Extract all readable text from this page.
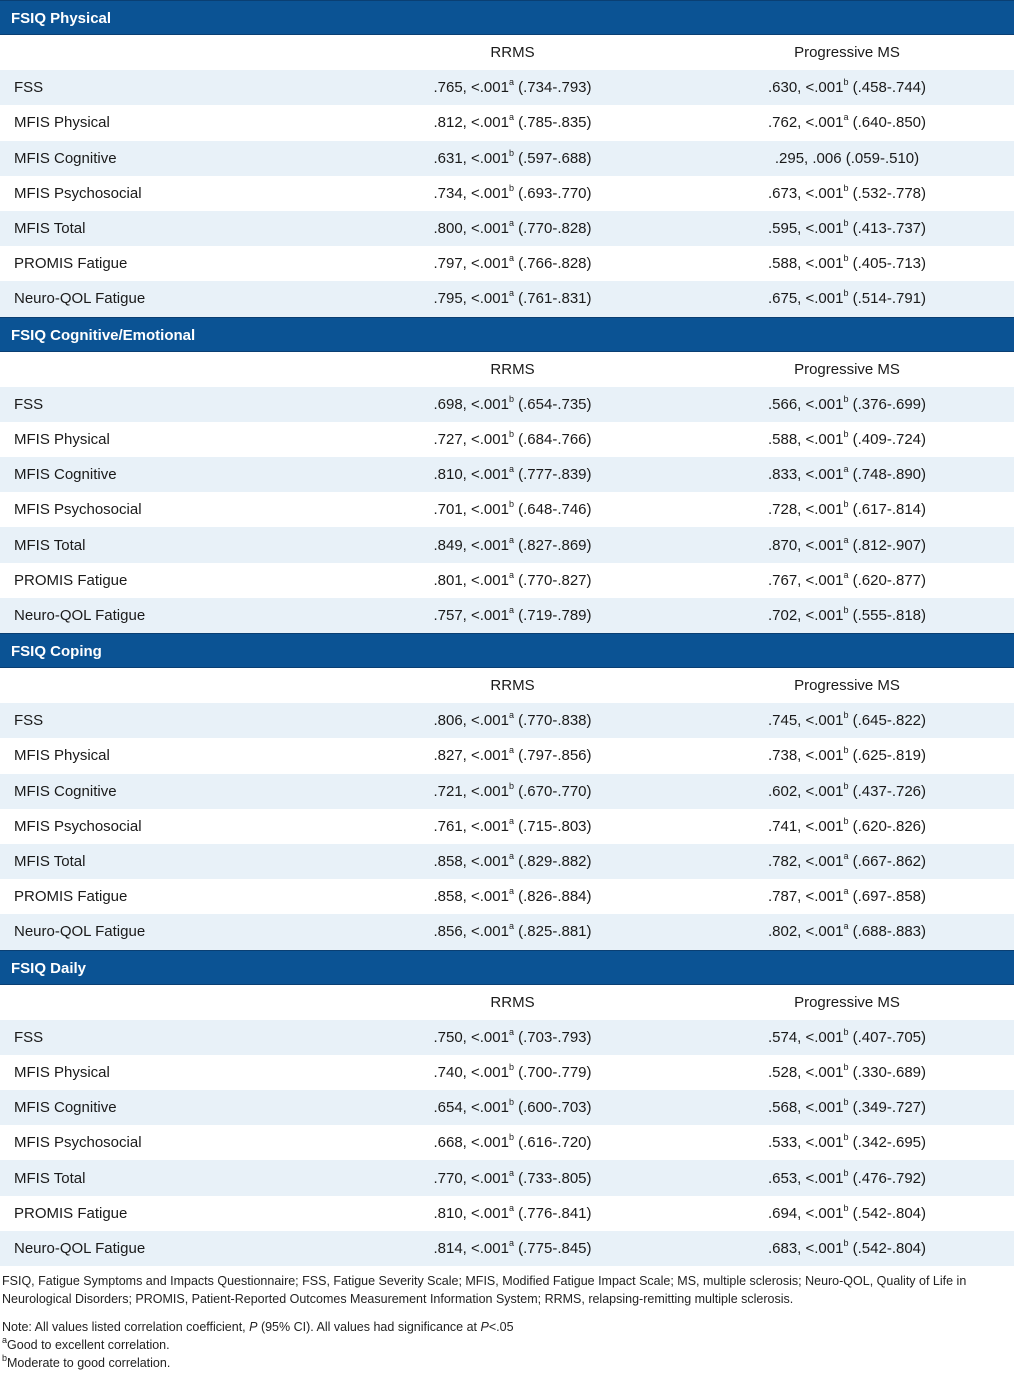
FSIQ Physical
RRMS	Progressive MS
FSS	.765, <.001$^a$ (.734-.793)	.630, <.001$^b$ (.458-.744)
MFIS Physical	.812, <.001$^a$ (.785-.835)	.762, <.001$^a$ (.640-.850)
MFIS Cognitive	.631, <.001$^b$ (.597-.688)	.295, .006 (.059-.510)
MFIS Psychosocial	.734, <.001$^b$ (.693-.770)	.673, <.001$^b$ (.532-.778)
MFIS Total	.800, <.001$^a$ (.770-.828)	.595, <.001$^b$ (.413-.737)
PROMIS Fatigue	.797, <.001$^a$ (.766-.828)	.588, <.001$^b$ (.405-.713)
Neuro-QOL Fatigue	.795, <.001$^a$ (.761-.831)	.675, <.001$^b$ (.514-.791)
FSIQ Cognitive/Emotional
RRMS	Progressive MS
FSS	.698, <.001$^b$ (.654-.735)	.566, <.001$^b$ (.376-.699)
MFIS Physical	.727, <.001$^b$ (.684-.766)	.588, <.001$^b$ (.409-.724)
MFIS Cognitive	.810, <.001$^a$ (.777-.839)	.833, <.001$^a$ (.748-.890)
MFIS Psychosocial	.701, <.001$^b$ (.648-.746)	.728, <.001$^b$ (.617-.814)
MFIS Total	.849, <.001$^a$ (.827-.869)	.870, <.001$^a$ (.812-.907)
PROMIS Fatigue	.801, <.001$^a$ (.770-.827)	.767, <.001$^a$ (.620-.877)
Neuro-QOL Fatigue	.757, <.001$^a$ (.719-.789)	.702, <.001$^b$ (.555-.818)
FSIQ Coping
RRMS	Progressive MS
FSS	.806, <.001$^a$ (.770-.838)	.745, <.001$^b$ (.645-.822)
MFIS Physical	.827, <.001$^a$ (.797-.856)	.738, <.001$^b$ (.625-.819)
MFIS Cognitive	.721, <.001$^b$ (.670-.770)	.602, <.001$^b$ (.437-.726)
MFIS Psychosocial	.761, <.001$^a$ (.715-.803)	.741, <.001$^b$ (.620-.826)
MFIS Total	.858, <.001$^a$ (.829-.882)	.782, <.001$^a$ (.667-.862)
PROMIS Fatigue	.858, <.001$^a$ (.826-.884)	.787, <.001$^a$ (.697-.858)
Neuro-QOL Fatigue	.856, <.001$^a$ (.825-.881)	.802, <.001$^a$ (.688-.883)
FSIQ Daily
RRMS	Progressive MS
FSS	.750, <.001$^a$ (.703-.793)	.574, <.001$^b$ (.407-.705)
MFIS Physical	.740, <.001$^b$ (.700-.779)	.528, <.001$^b$ (.330-.689)
MFIS Cognitive	.654, <.001$^b$ (.600-.703)	.568, <.001$^b$ (.349-.727)
MFIS Psychosocial	.668, <.001$^b$ (.616-.720)	.533, <.001$^b$ (.342-.695)
MFIS Total	.770, <.001$^a$ (.733-.805)	.653, <.001$^b$ (.476-.792)
PROMIS Fatigue	.810, <.001$^a$ (.776-.841)	.694, <.001$^b$ (.542-.804)
Neuro-QOL Fatigue	.814, <.001$^a$ (.775-.845)	.683, <.001$^b$ (.542-.804)

FSIQ, Fatigue Symptoms and Impacts Questionnaire; FSS, Fatigue Severity Scale; MFIS, Modified Fatigue Impact Scale; MS, multiple sclerosis; Neuro-QOL, Quality of Life in Neurological Disorders; PROMIS, Patient-Reported Outcomes Measurement Information System; RRMS, relapsing-remitting multiple sclerosis.

Note: All values listed correlation coefficient, P (95% CI). All values had significance at P<.05

$^a$Good to excellent correlation.

$^b$Moderate to good correlation.
